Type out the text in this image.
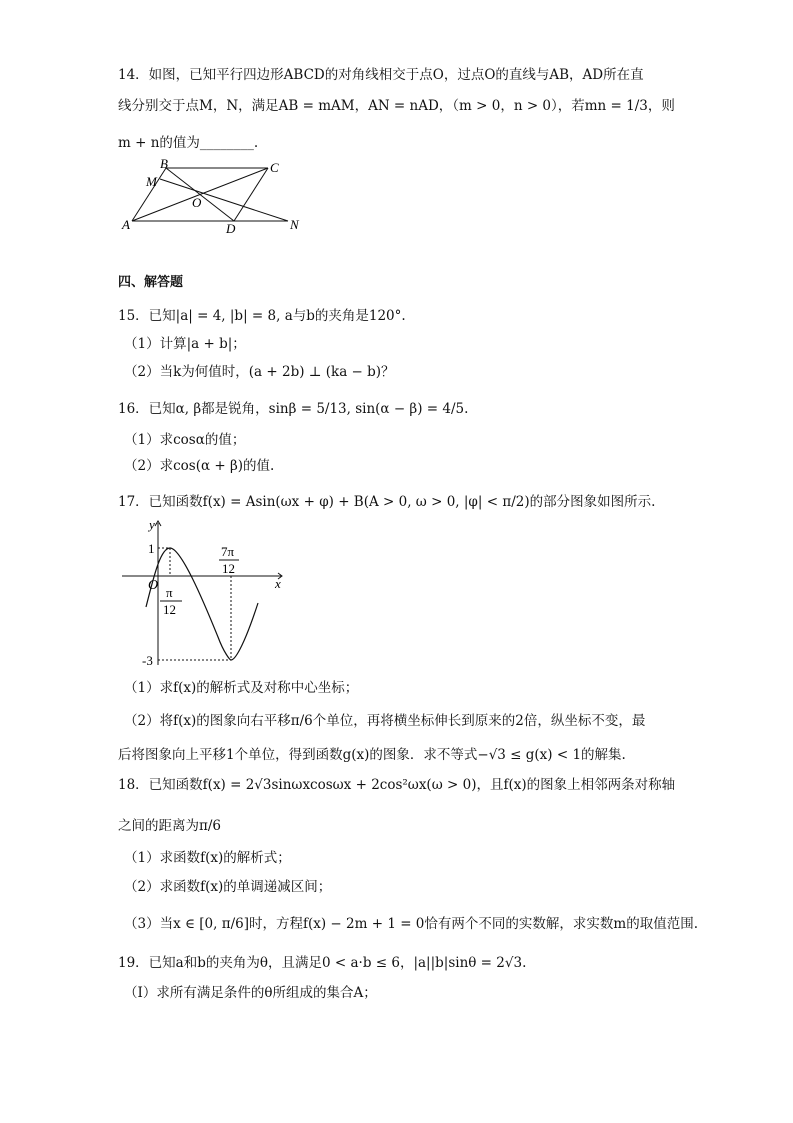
14．如图，已知平行四边形ABCD的对角线相交于点O，过点O的直线与AB，AD所在直
线分别交于点M，N，满足AB = mAM，AN = nAD，（m > 0，n > 0），若mn = 1/3，则
m + n的值为________.
B	C
M
O
A	D	N
四、解答题
15．已知|a| = 4, |b| = 8, a与b的夹角是120°.
（1）计算|a + b|；
（2）当k为何值时，(a + 2b) ⊥ (ka − b)？
16．已知α, β都是锐角，sinβ = 5/13, sin(α − β) = 4/5.
（1）求cosα的值；
（2）求cos(α + β)的值.
17．已知函数f(x) = Asin(ωx + φ) + B(A > 0, ω > 0, |φ| < π/2)的部分图象如图所示.
y
x
O
1
-3
π
12
7π
12
（1）求f(x)的解析式及对称中心坐标；
（2）将f(x)的图象向右平移π/6个单位，再将横坐标伸长到原来的2倍，纵坐标不变，最
后将图象向上平移1个单位，得到函数g(x)的图象．求不等式−√3 ≤ g(x) < 1的解集.
18．已知函数f(x) = 2√3sinωxcosωx + 2cos²ωx(ω > 0)，且f(x)的图象上相邻两条对称轴
之间的距离为π/6
（1）求函数f(x)的解析式；
（2）求函数f(x)的单调递减区间；
（3）当x ∈ [0, π/6]时，方程f(x) − 2m + 1 = 0恰有两个不同的实数解，求实数m的取值范围.
19．已知a和b的夹角为θ，且满足0 < a·b ≤ 6，|a||b|sinθ = 2√3.
（Ⅰ）求所有满足条件的θ所组成的集合A；
